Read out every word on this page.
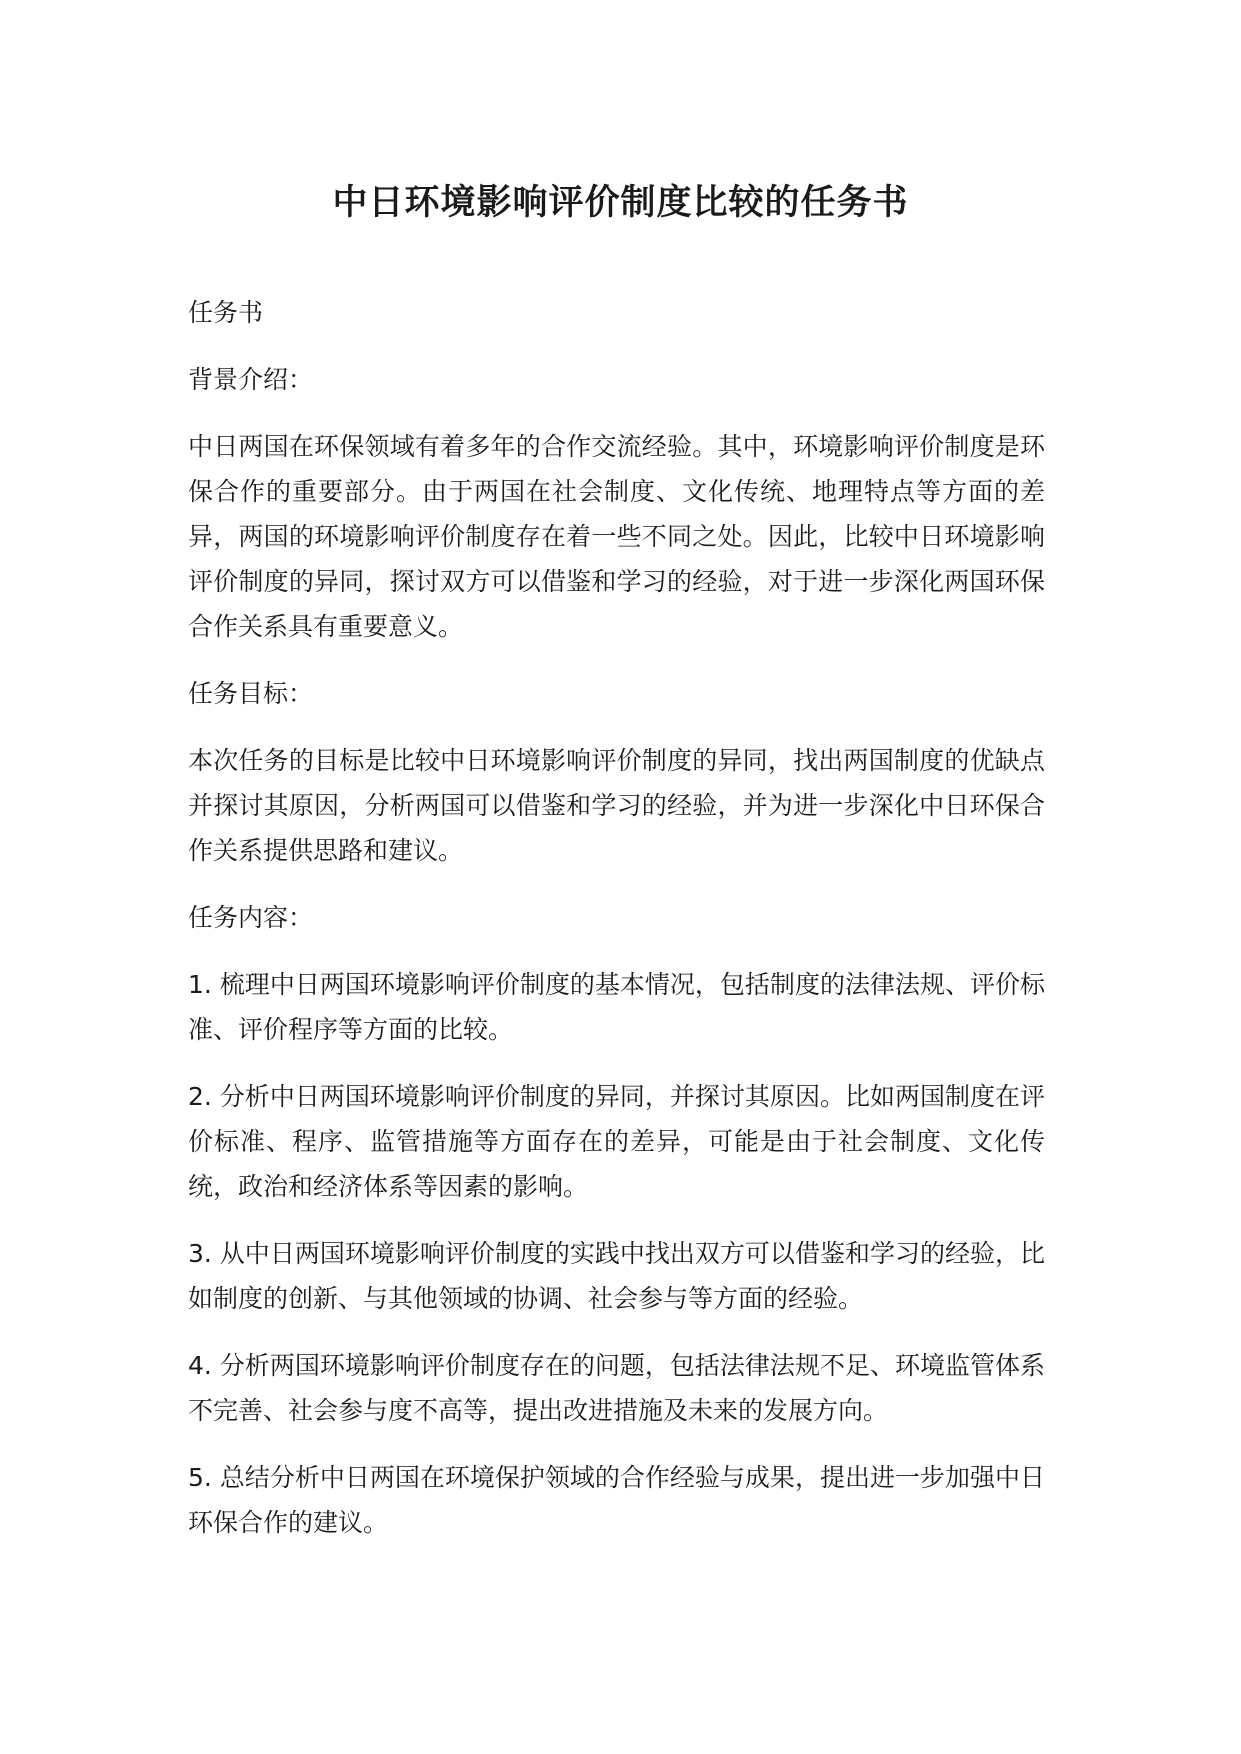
中日环境影响评价制度比较的任务书

任务书

背景介绍：

中日两国在环保领域有着多年的合作交流经验。其中，环境影响评价制度是环保合作的重要部分。由于两国在社会制度、文化传统、地理特点等方面的差异，两国的环境影响评价制度存在着一些不同之处。因此，比较中日环境影响评价制度的异同，探讨双方可以借鉴和学习的经验，对于进一步深化两国环保合作关系具有重要意义。

任务目标：

本次任务的目标是比较中日环境影响评价制度的异同，找出两国制度的优缺点并探讨其原因，分析两国可以借鉴和学习的经验，并为进一步深化中日环保合作关系提供思路和建议。

任务内容：

1. 梳理中日两国环境影响评价制度的基本情况，包括制度的法律法规、评价标准、评价程序等方面的比较。

2. 分析中日两国环境影响评价制度的异同，并探讨其原因。比如两国制度在评价标准、程序、监管措施等方面存在的差异，可能是由于社会制度、文化传统，政治和经济体系等因素的影响。

3. 从中日两国环境影响评价制度的实践中找出双方可以借鉴和学习的经验，比如制度的创新、与其他领域的协调、社会参与等方面的经验。

4. 分析两国环境影响评价制度存在的问题，包括法律法规不足、环境监管体系不完善、社会参与度不高等，提出改进措施及未来的发展方向。

5. 总结分析中日两国在环境保护领域的合作经验与成果，提出进一步加强中日环保合作的建议。
